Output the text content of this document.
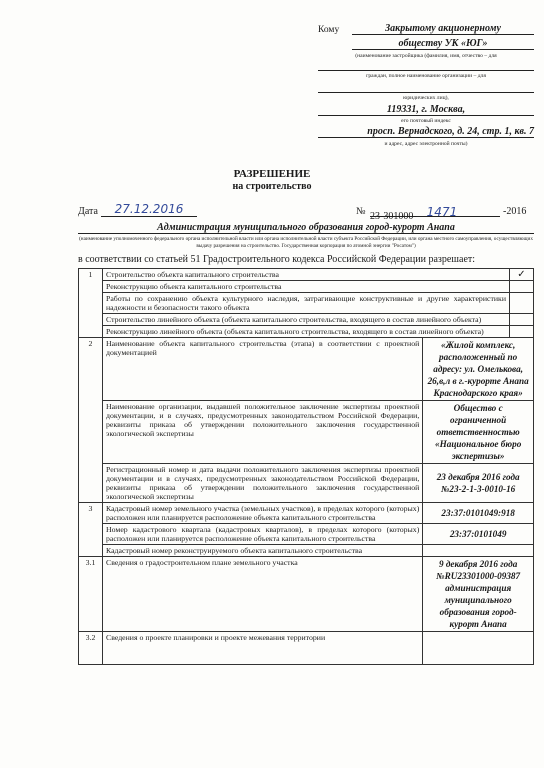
Кому	Закрытому акционерному
обществу УК «ЮГ»
(наименование застройщика (фамилия, имя, отчество – для
граждан, полное наименование организации – для
юридических лиц),
119331, г. Москва,
его почтовый индекс
просп. Вернадского, д. 24, стр. 1, кв. 7
и адрес, адрес электронной почты)
РАЗРЕШЕНИЕ
на строительство
Дата	27.12.2016	№ 23-301000- 1471	-2016
Администрация муниципального образования город-курорт Анапа
(наименование уполномоченного федерального органа исполнительной власти или органа исполнительной власти субъекта Российской Федерации, или органа местного самоуправления, осуществляющих выдачу разрешения на строительство. Государственная корпорация по атомной энергии "Росатом")
в соответствии со статьей 51 Градостроительного кодекса Российской Федерации разрешает:
1	Строительство объекта капитального строительства		✓
	Реконструкцию объекта капитального строительства		
	Работы по сохранению объекта культурного наследия, затрагивающие конструктивные и другие характеристики надежности и безопасности такого объекта		
	Строительство линейного объекта (объекта капитального строительства, входящего в состав линейного объекта)		
	Реконструкцию линейного объекта (объекта капитального строительства, входящего в состав линейного объекта)		
2	Наименование объекта капитального строительства (этапа) в соответствии с проектной документацией	«Жилой комплекс, расположенный по адресу: ул. Омелькова, 26,в,л в г.-курорте Анапа Краснодарского края»	
	Наименование организации, выдавшей положительное заключение экспертизы проектной документации, и в случаях, предусмотренных законодательством Российской Федерации, реквизиты приказа об утверждении положительного заключения государственной экологической экспертизы	Общество с ограниченной ответственностью «Национальное бюро экспертизы»	
	Регистрационный номер и дата выдачи положительного заключения экспертизы проектной документации и в случаях, предусмотренных законодательством Российской Федерации, реквизиты приказа об утверждении положительного заключения государственной экологической экспертизы	23 декабря 2016 года №23-2-1-3-0010-16	
3	Кадастровый номер земельного участка (земельных участков), в пределах которого (которых) расположен или планируется расположение объекта капитального строительства	23:37:0101049:918	
	Номер кадастрового квартала (кадастровых кварталов), в пределах которого (которых) расположен или планируется расположение объекта капитального строительства	23:37:0101049	
	Кадастровый номер реконструируемого объекта капитального строительства		
3.1	Сведения о градостроительном плане земельного участка	9 декабря 2016 года №RU23301000-09387 администрация муниципального образования город-курорт Анапа	
3.2	Сведения о проекте планировки и проекте межевания территории		
